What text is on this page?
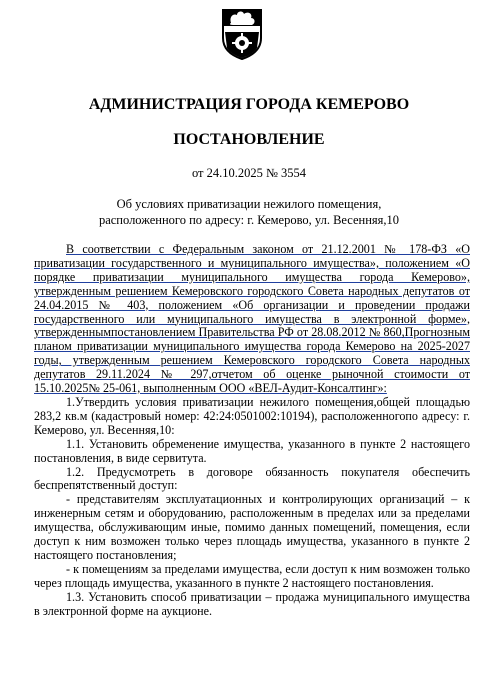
АДМИНИСТРАЦИЯ ГОРОДА КЕМЕРОВО
ПОСТАНОВЛЕНИЕ
от 24.10.2025 № 3554
Об условиях приватизации нежилого помещения,
расположенного по адресу: г. Кемерово, ул. Весенняя,10

В соответствии с Федеральным законом от 21.12.2001 № 178-ФЗ «О приватизации государственного и муниципального имущества», положением «О порядке приватизации муниципального имущества города Кемерово», утвержденным решением Кемеровского городского Совета народных депутатов от 24.04.2015 № 403, положением «Об организации и проведении продажи государственного или муниципального имущества в электронной форме», утвержденнымпостановлением Правительства РФ от 28.08.2012 № 860,Прогнозным планом приватизации муниципального имущества города Кемерово на 2025-2027 годы, утвержденным решением Кемеровского городского Совета народных депутатов 29.11.2024 № 297,отчетом об оценке рыночной стоимости от 15.10.2025№ 25-061, выполненным ООО «ВЕЛ-Аудит-Консалтинг»:

1.Утвердить условия приватизации нежилого помещения,общей площадью 283,2 кв.м (кадастровый номер: 42:24:0501002:10194), расположенногопо адресу: г. Кемерово, ул. Весенняя,10:

1.1. Установить обременение имущества, указанного в пункте 2 настоящего постановления, в виде сервитута.

1.2. Предусмотреть в договоре обязанность покупателя обеспечить беспрепятственный доступ:

- представителям эксплуатационных и контролирующих организаций – к инженерным сетям и оборудованию, расположенным в пределах или за пределами имущества, обслуживающим иные, помимо данных помещений, помещения, если доступ к ним возможен только через площадь имущества, указанного в пункте 2 настоящего постановления;

- к помещениям за пределами имущества, если доступ к ним возможен только через площадь имущества, указанного в пункте 2 настоящего постановления.

1.3. Установить способ приватизации – продажа муниципального имущества в электронной форме на аукционе.
